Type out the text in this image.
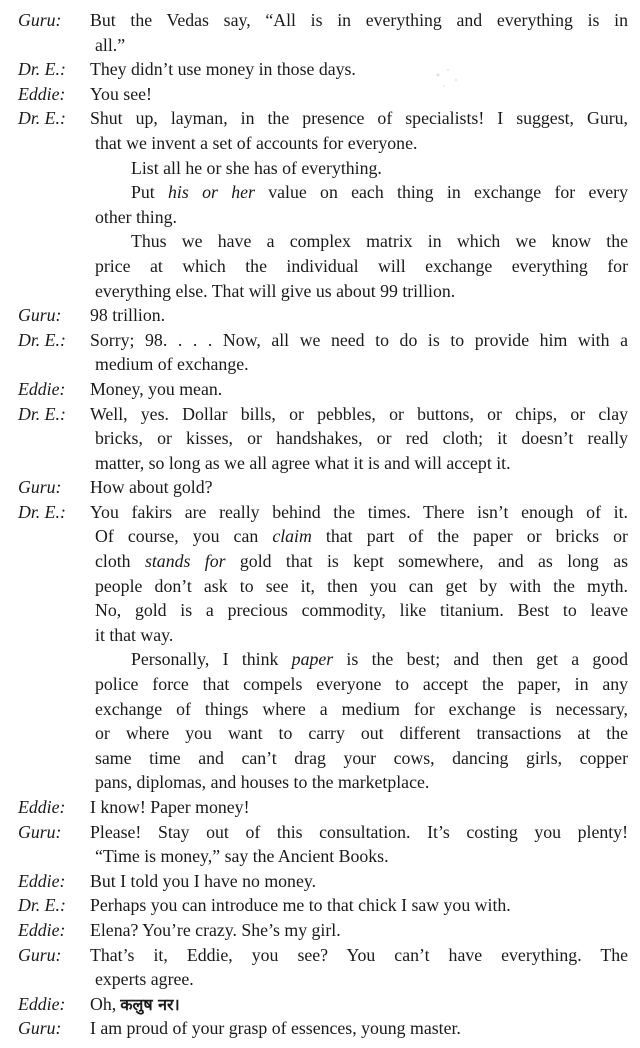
Guru: But the Vedas say, “All is in everything and everything is in
all.”
Dr. E.: They didn’t use money in those days.
Eddie: You see!
Dr. E.: Shut up, layman, in the presence of specialists! I suggest, Guru,
that we invent a set of accounts for everyone.
List all he or she has of everything.
Put his or her value on each thing in exchange for every
other thing.
Thus we have a complex matrix in which we know the
price at which the individual will exchange everything for
everything else. That will give us about 99 trillion.
Guru: 98 trillion.
Dr. E.: Sorry; 98. . . . Now, all we need to do is to provide him with a
medium of exchange.
Eddie: Money, you mean.
Dr. E.: Well, yes. Dollar bills, or pebbles, or buttons, or chips, or clay
bricks, or kisses, or handshakes, or red cloth; it doesn’t really
matter, so long as we all agree what it is and will accept it.
Guru: How about gold?
Dr. E.: You fakirs are really behind the times. There isn’t enough of it.
Of course, you can claim that part of the paper or bricks or
cloth stands for gold that is kept somewhere, and as long as
people don’t ask to see it, then you can get by with the myth.
No, gold is a precious commodity, like titanium. Best to leave
it that way.
Personally, I think paper is the best; and then get a good
police force that compels everyone to accept the paper, in any
exchange of things where a medium for exchange is necessary,
or where you want to carry out different transactions at the
same time and can’t drag your cows, dancing girls, copper
pans, diplomas, and houses to the marketplace.
Eddie: I know! Paper money!
Guru: Please! Stay out of this consultation. It’s costing you plenty!
“Time is money,” say the Ancient Books.
Eddie: But I told you I have no money.
Dr. E.: Perhaps you can introduce me to that chick I saw you with.
Eddie: Elena? You’re crazy. She’s my girl.
Guru: That’s it, Eddie, you see? You can’t have everything. The
experts agree.
Eddie: Oh, कलुष नर।
Guru: I am proud of your grasp of essences, young master.
